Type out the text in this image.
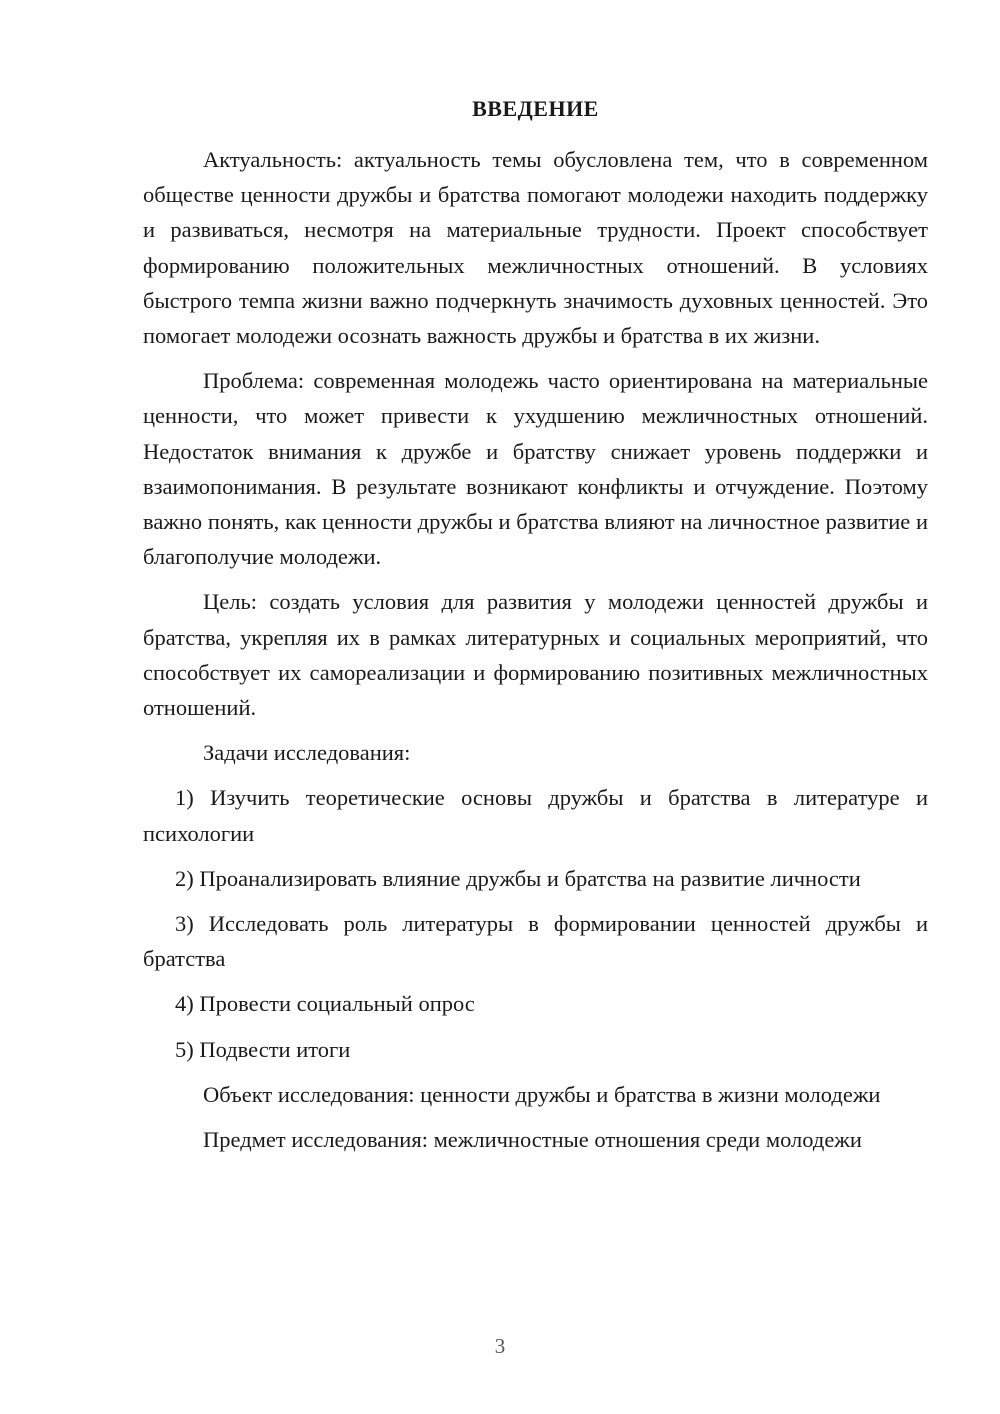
ВВЕДЕНИЕ

Актуальность: актуальность темы обусловлена тем, что в современном обществе ценности дружбы и братства помогают молодежи находить поддержку и развиваться, несмотря на материальные трудности. Проект способствует формированию положительных межличностных отношений. В условиях быстрого темпа жизни важно подчеркнуть значимость духовных ценностей. Это помогает молодежи осознать важность дружбы и братства в их жизни.

Проблема: современная молодежь часто ориентирована на материальные ценности, что может привести к ухудшению межличностных отношений. Недостаток внимания к дружбе и братству снижает уровень поддержки и взаимопонимания. В результате возникают конфликты и отчуждение. Поэтому важно понять, как ценности дружбы и братства влияют на личностное развитие и благополучие молодежи.

Цель: создать условия для развития у молодежи ценностей дружбы и братства, укрепляя их в рамках литературных и социальных мероприятий, что способствует их самореализации и формированию позитивных межличностных отношений.

Задачи исследования:

1) Изучить теоретические основы дружбы и братства в литературе и психологии

2) Проанализировать влияние дружбы и братства на развитие личности

3) Исследовать роль литературы в формировании ценностей дружбы и братства

4) Провести социальный опрос

5) Подвести итоги

Объект исследования: ценности дружбы и братства в жизни молодежи

Предмет исследования: межличностные отношения среди молодежи

3
